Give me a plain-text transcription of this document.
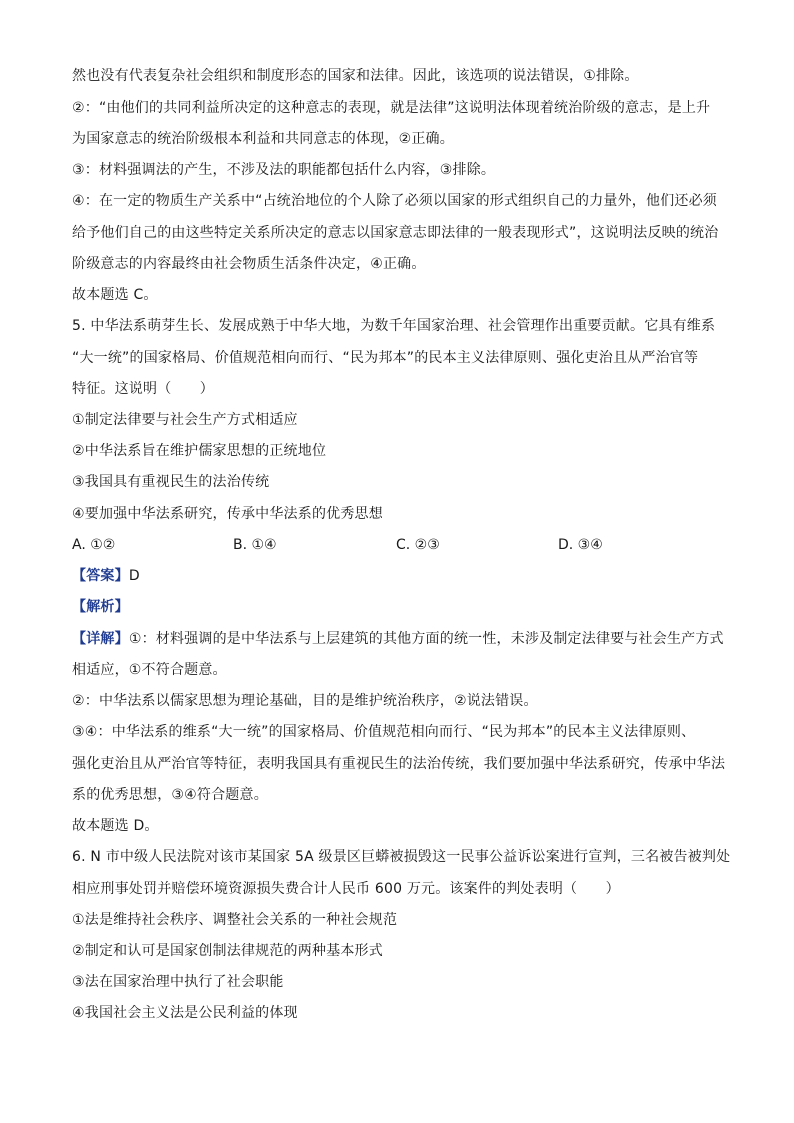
然也没有代表复杂社会组织和制度形态的国家和法律。因此，该选项的说法错误，①排除。
②：“由他们的共同利益所决定的这种意志的表现，就是法律”这说明法体现着统治阶级的意志，是上升
为国家意志的统治阶级根本利益和共同意志的体现，②正确。
③：材料强调法的产生，不涉及法的职能都包括什么内容，③排除。
④：在一定的物质生产关系中“占统治地位的个人除了必须以国家的形式组织自己的力量外，他们还必须
给予他们自己的由这些特定关系所决定的意志以国家意志即法律的一般表现形式”，这说明法反映的统治
阶级意志的内容最终由社会物质生活条件决定，④正确。
故本题选 C。
5. 中华法系萌芽生长、发展成熟于中华大地，为数千年国家治理、社会管理作出重要贡献。它具有维系
“大一统”的国家格局、价值规范相向而行、“民为邦本”的民本主义法律原则、强化吏治且从严治官等
特征。这说明（　　）
①制定法律要与社会生产方式相适应
②中华法系旨在维护儒家思想的正统地位
③我国具有重视民生的法治传统
④要加强中华法系研究，传承中华法系的优秀思想
A. ①②	B. ①④	C. ②③	D. ③④
【答案】D
【解析】
【详解】①：材料强调的是中华法系与上层建筑的其他方面的统一性，未涉及制定法律要与社会生产方式
相适应，①不符合题意。
②：中华法系以儒家思想为理论基础，目的是维护统治秩序，②说法错误。
③④：中华法系的维系“大一统”的国家格局、价值规范相向而行、“民为邦本”的民本主义法律原则、
强化吏治且从严治官等特征，表明我国具有重视民生的法治传统，我们要加强中华法系研究，传承中华法
系的优秀思想，③④符合题意。
故本题选 D。
6. N 市中级人民法院对该市某国家 5A 级景区巨蟒被损毁这一民事公益诉讼案进行宣判，三名被告被判处
相应刑事处罚并赔偿环境资源损失费合计人民币 600 万元。该案件的判处表明（　　）
①法是维持社会秩序、调整社会关系的一种社会规范
②制定和认可是国家创制法律规范的两种基本形式
③法在国家治理中执行了社会职能
④我国社会主义法是公民利益的体现
